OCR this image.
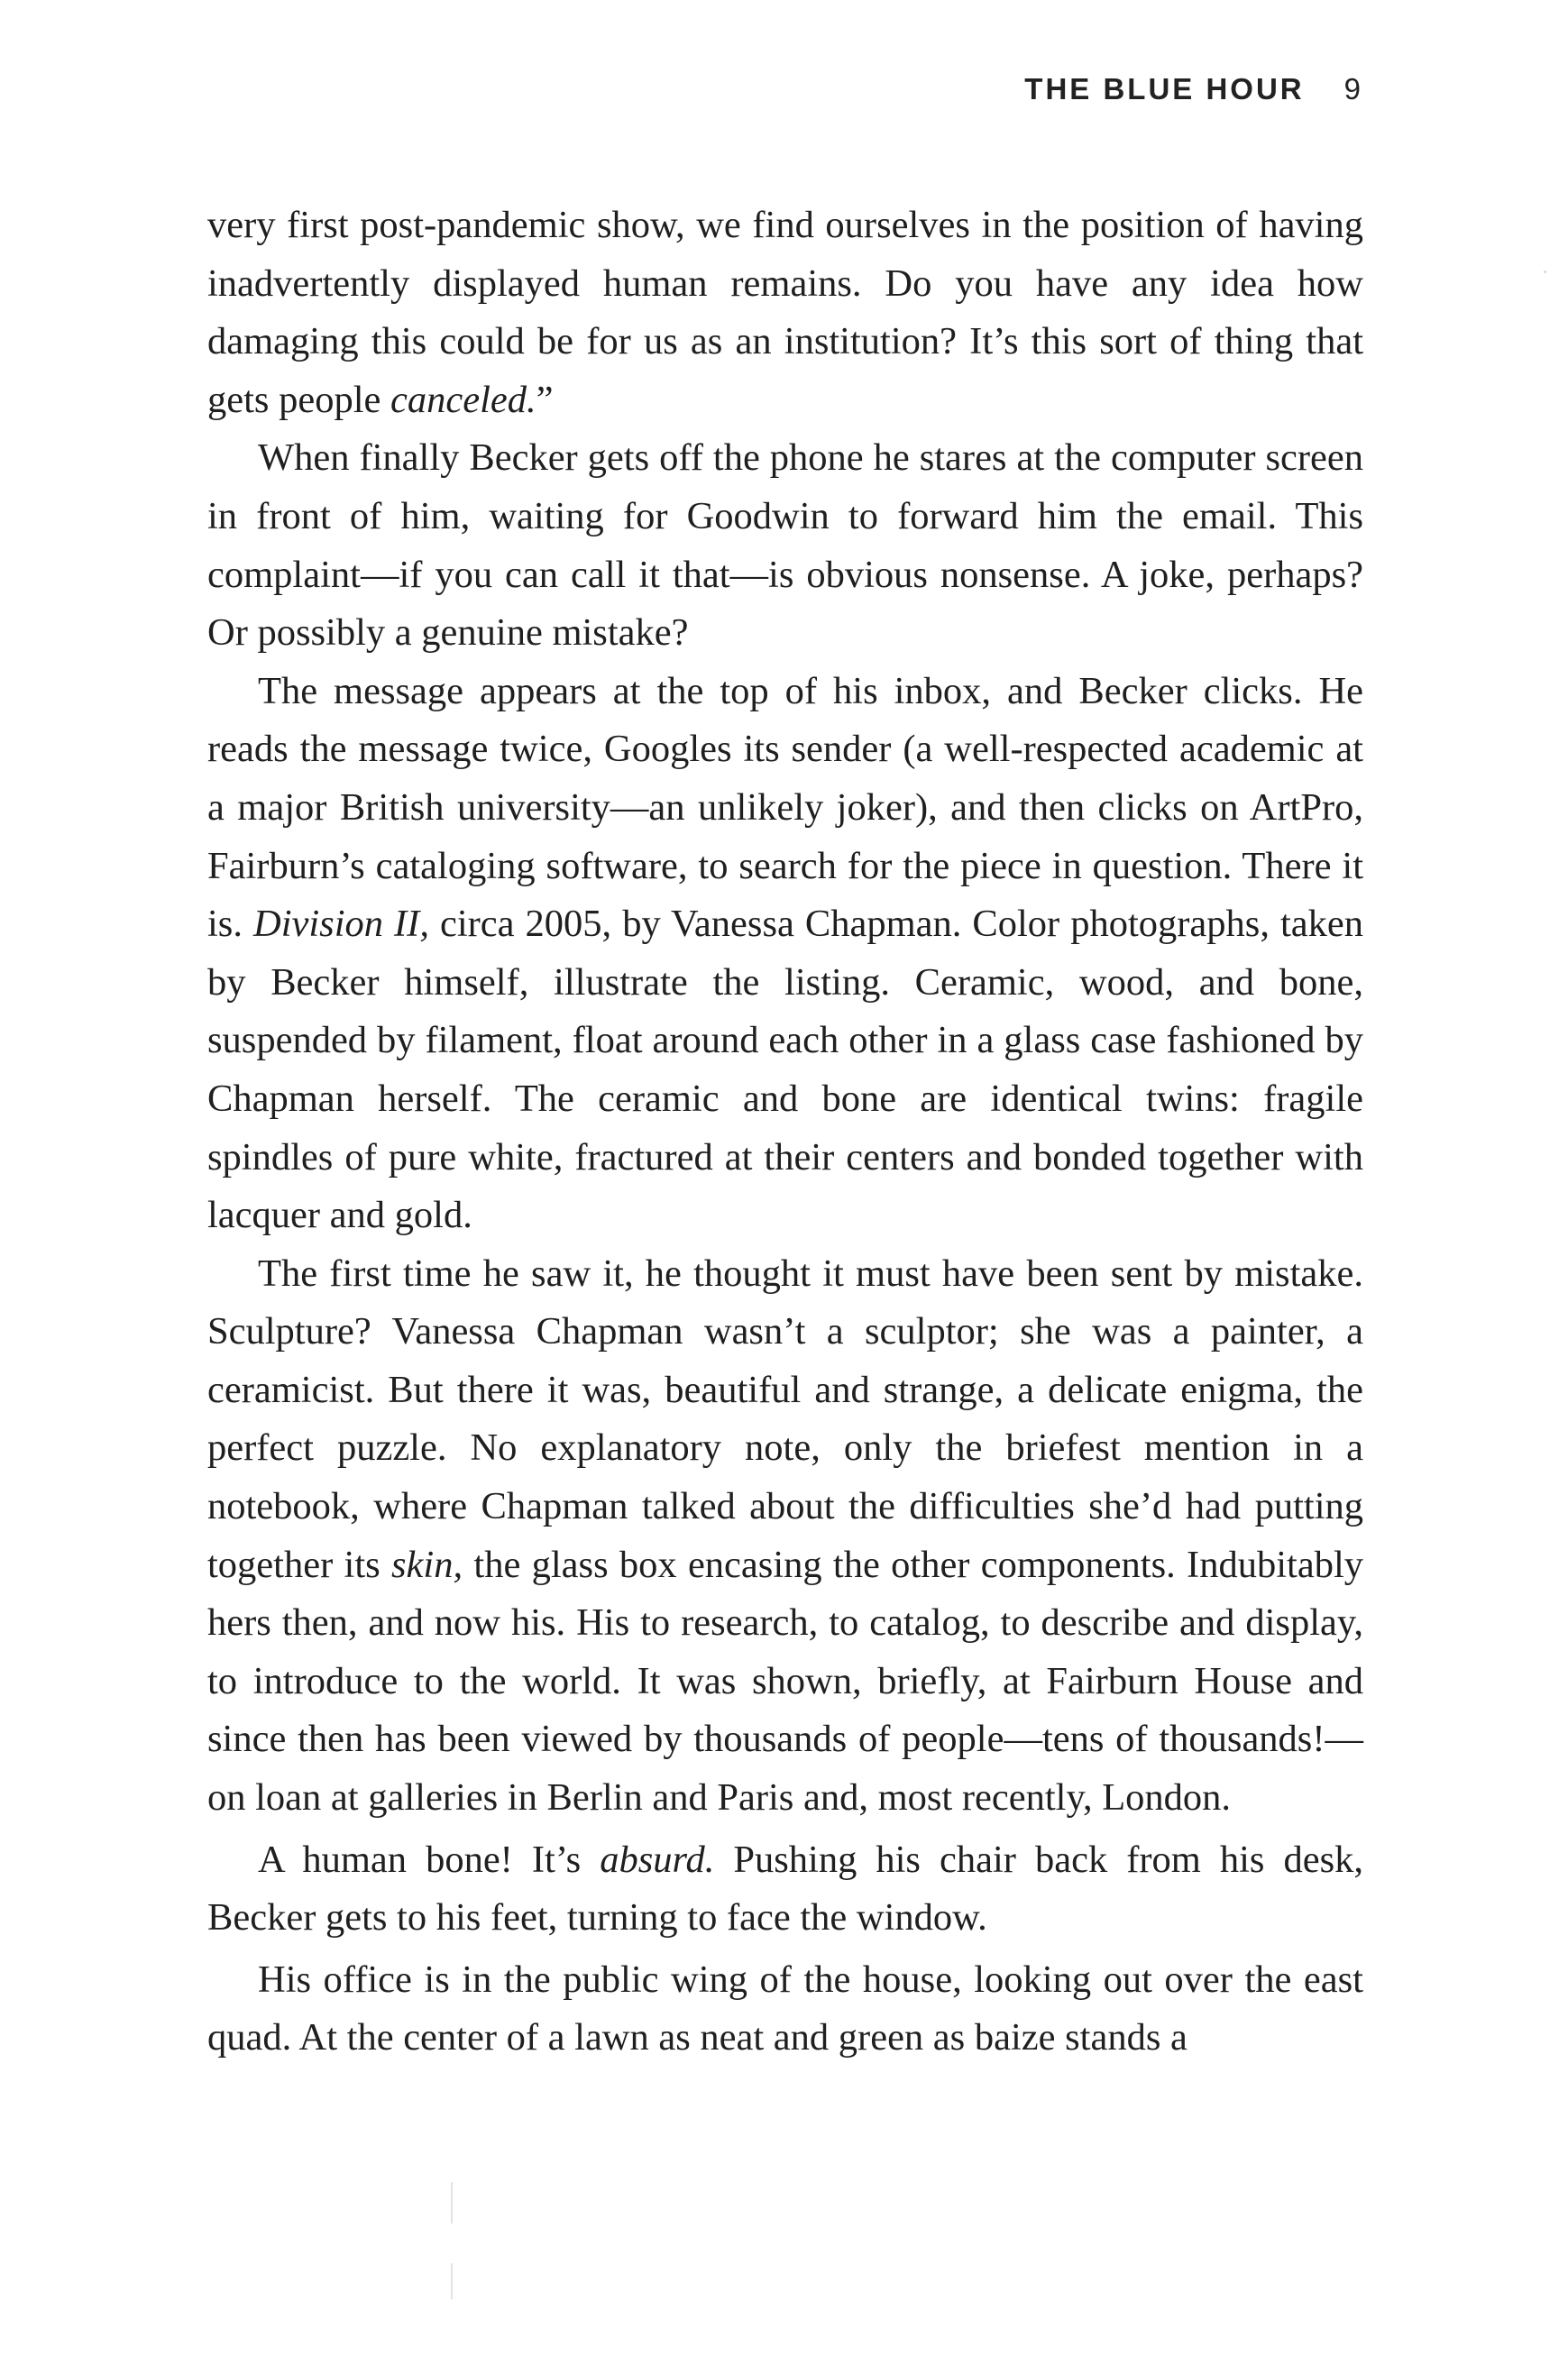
THE BLUE HOUR 9

very first post-pandemic show, we find ourselves in the position of having inadvertently displayed human remains. Do you have any idea how damaging this could be for us as an institution? It’s this sort of thing that gets people canceled.”

When finally Becker gets off the phone he stares at the computer screen in front of him, waiting for Goodwin to forward him the email. This complaint—if you can call it that—is obvious nonsense. A joke, perhaps? Or possibly a genuine mistake?

The message appears at the top of his inbox, and Becker clicks. He reads the message twice, Googles its sender (a well-respected academic at a major British university—an unlikely joker), and then clicks on ArtPro, Fairburn’s cataloging software, to search for the piece in question. There it is. Division II, circa 2005, by Vanessa Chapman. Color photographs, taken by Becker himself, illustrate the listing. Ceramic, wood, and bone, suspended by filament, float around each other in a glass case fashioned by Chapman herself. The ceramic and bone are identical twins: fragile spindles of pure white, fractured at their centers and bonded together with lacquer and gold.

The first time he saw it, he thought it must have been sent by mistake. Sculpture? Vanessa Chapman wasn’t a sculptor; she was a painter, a ceramicist. But there it was, beautiful and strange, a delicate enigma, the perfect puzzle. No explanatory note, only the briefest mention in a notebook, where Chapman talked about the difficulties she’d had putting together its skin, the glass box encasing the other components. Indubitably hers then, and now his. His to research, to catalog, to describe and display, to introduce to the world. It was shown, briefly, at Fairburn House and since then has been viewed by thousands of people—tens of thousands!—on loan at galleries in Berlin and Paris and, most recently, London.

A human bone! It’s absurd. Pushing his chair back from his desk, Becker gets to his feet, turning to face the window.

His office is in the public wing of the house, looking out over the east quad. At the center of a lawn as neat and green as baize stands a
